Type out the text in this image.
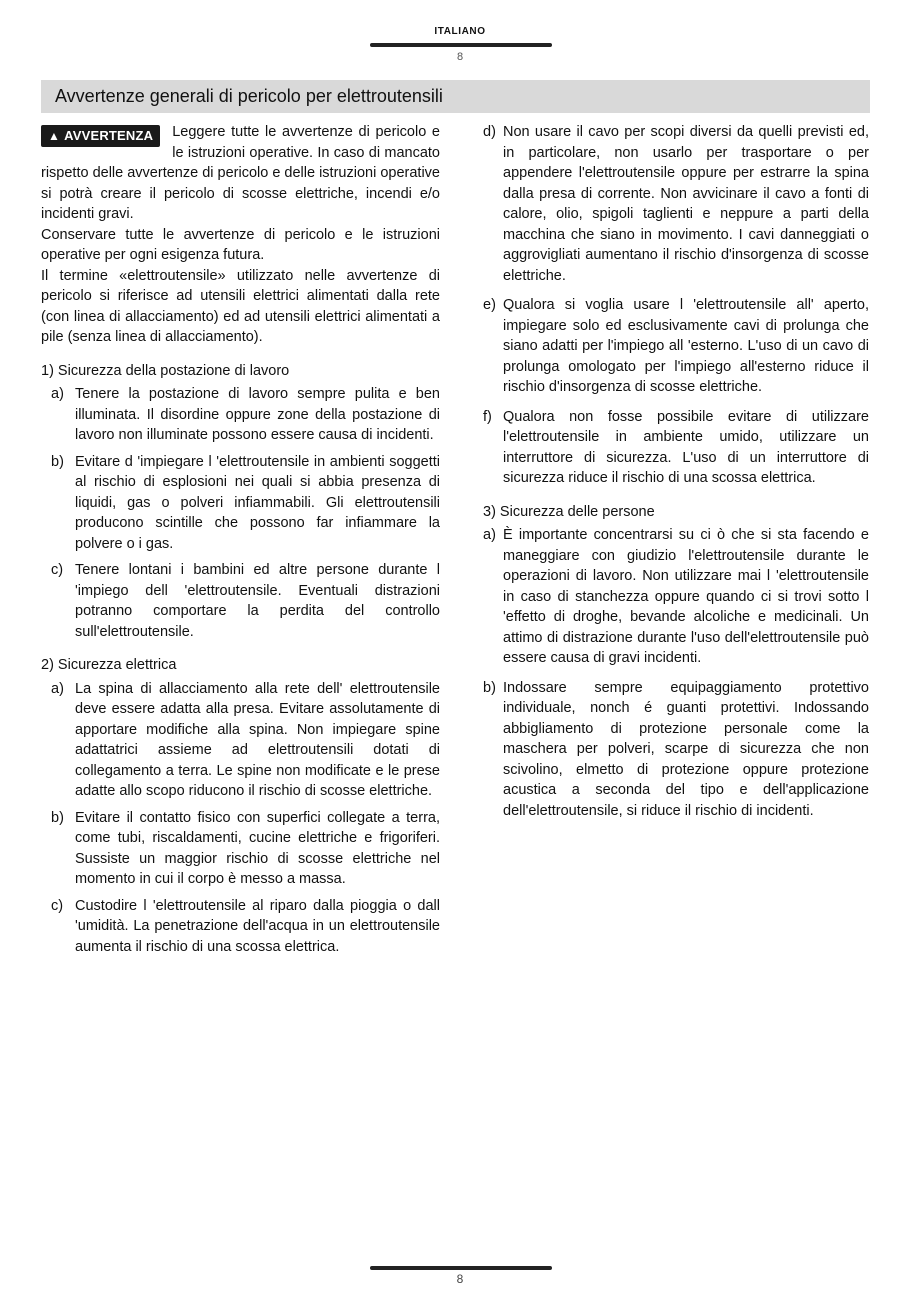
ITALIANO
8
Avvertenze generali di pericolo per elettroutensili
▲ AVVERTENZA	Leggere tutte le avvertenze di pericolo e le istruzioni operative. In caso di mancato rispetto delle avvertenze di pericolo e delle istruzioni operative si potrà creare il pericolo di scosse elettriche, incendi e/o incidenti gravi.

Conservare tutte le avvertenze di pericolo e le istruzioni operative per ogni esigenza futura.

Il termine «elettroutensile» utilizzato nelle avvertenze di pericolo si riferisce ad utensili elettrici alimentati dalla rete (con linea di allacciamento) ed ad utensili elettrici alimentati a pile (senza linea di allacciamento).

1) Sicurezza della postazione di lavoro
a) Tenere la postazione di lavoro sempre pulita e ben illuminata. Il disordine oppure zone della postazione di lavoro non illuminate possono essere causa di incidenti.
b) Evitare d 'impiegare l 'elettroutensile in ambienti soggetti al rischio di esplosioni nei quali si abbia presenza di liquidi, gas o polveri infiammabili. Gli elettroutensili producono scintille che possono far infiammare la polvere o i gas.
c) Tenere lontani i bambini ed altre persone durante l 'impiego dell 'elettroutensile. Eventuali distrazioni potranno comportare la perdita del controllo sull'elettroutensile.
2) Sicurezza elettrica
a) La spina di allacciamento alla rete dell' elettroutensile deve essere adatta alla presa. Evitare assolutamente di apportare modifiche alla spina. Non impiegare spine adattatrici assieme ad elettroutensili dotati di collegamento a terra. Le spine non modificate e le prese adatte allo scopo riducono il rischio di scosse elettriche.
b) Evitare il contatto fisico con superfici collegate a terra, come tubi, riscaldamenti, cucine elettriche e frigoriferi. Sussiste un maggior rischio di scosse elettriche nel momento in cui il corpo è messo a massa.
c) Custodire l 'elettroutensile al riparo dalla pioggia o dall 'umidità. La penetrazione dell'acqua in un elettroutensile aumenta il rischio di una scossa elettrica.
d) Non usare il cavo per scopi diversi da quelli previsti ed, in particolare, non usarlo per trasportare o per appendere l'elettroutensile oppure per estrarre la spina dalla presa di corrente. Non avvicinare il cavo a fonti di calore, olio, spigoli taglienti e neppure a parti della macchina che siano in movimento. I cavi danneggiati o aggrovigliati aumentano il rischio d'insorgenza di scosse elettriche.
e) Qualora si voglia usare l 'elettroutensile all' aperto, impiegare solo ed esclusivamente cavi di prolunga che siano adatti per l'impiego all 'esterno. L'uso di un cavo di prolunga omologato per l'impiego all'esterno riduce il rischio d'insorgenza di scosse elettriche.
f) Qualora non fosse possibile evitare di utilizzare l'elettroutensile in ambiente umido, utilizzare un interruttore di sicurezza. L'uso di un interruttore di sicurezza riduce il rischio di una scossa elettrica.
3) Sicurezza delle persone
a) È importante concentrarsi su ci ò che si sta facendo e maneggiare con giudizio l'elettroutensile durante le operazioni di lavoro. Non utilizzare mai l 'elettroutensile in caso di stanchezza oppure quando ci si trovi sotto l 'effetto di droghe, bevande alcoliche e medicinali. Un attimo di distrazione durante l'uso dell'elettroutensile può essere causa di gravi incidenti.
b) Indossare sempre equipaggiamento protettivo individuale, nonch é guanti protettivi. Indossando abbigliamento di protezione personale come la maschera per polveri, scarpe di sicurezza che non scivolino, elmetto di protezione oppure protezione acustica a seconda del tipo e dell'applicazione dell'elettroutensile, si riduce il rischio di incidenti.
8
